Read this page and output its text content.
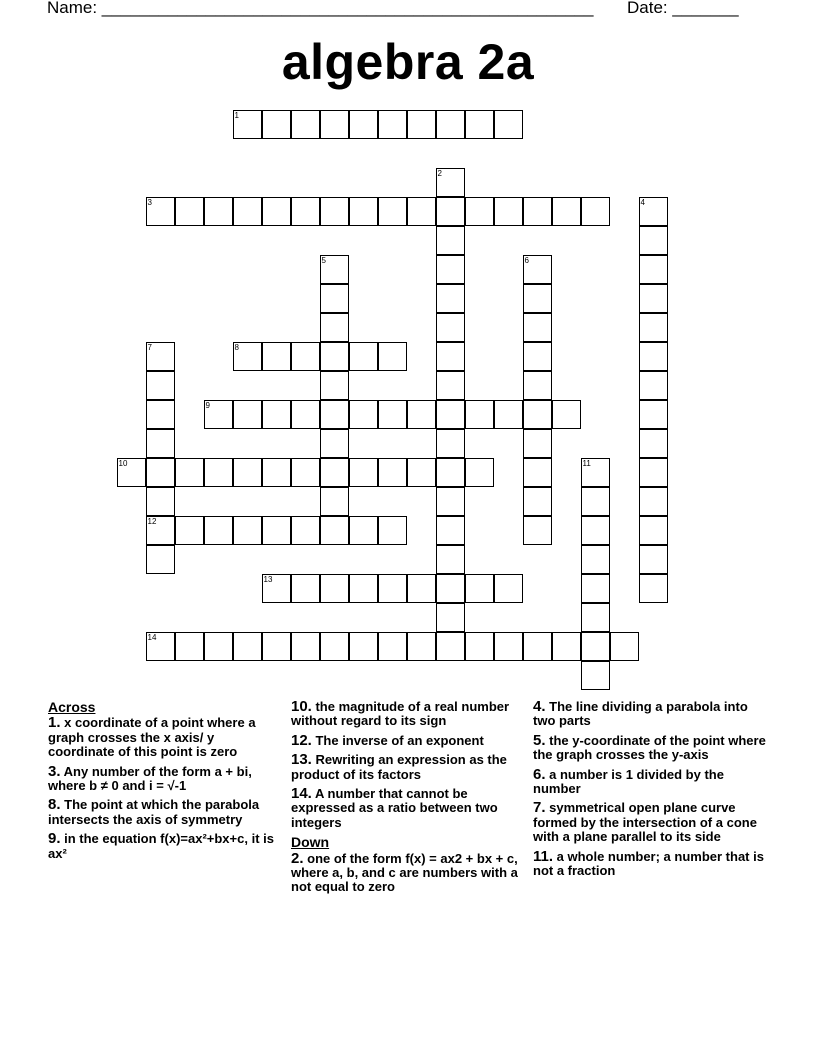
Name: ____________________________________________________

Date: _______

algebra 2a
1
2
3	4
5	6
7
12
8
9
10	11
13
14
Across
1. x coordinate of a point where a graph crosses the x axis/ y coordinate of this point is zero
3. Any number of the form a + bi, where b ≠ 0 and i = √-1
8. The point at which the parabola intersects the axis of symmetry
9. in the equation f(x)=ax²+bx+c, it is ax²
10. the magnitude of a real number without regard to its sign
12. The inverse of an exponent
13. Rewriting an expression as the product of its factors
14. A number that cannot be expressed as a ratio between two integers
Down
2. one of the form f(x) = ax2 + bx + c, where a, b, and c are numbers with a not equal to zero
4. The line dividing a parabola into two parts
5. the y-coordinate of the point where the graph crosses the y-axis
6. a number is 1 divided by the number
7. symmetrical open plane curve formed by the intersection of a cone with a plane parallel to its side
11. a whole number; a number that is not a fraction
